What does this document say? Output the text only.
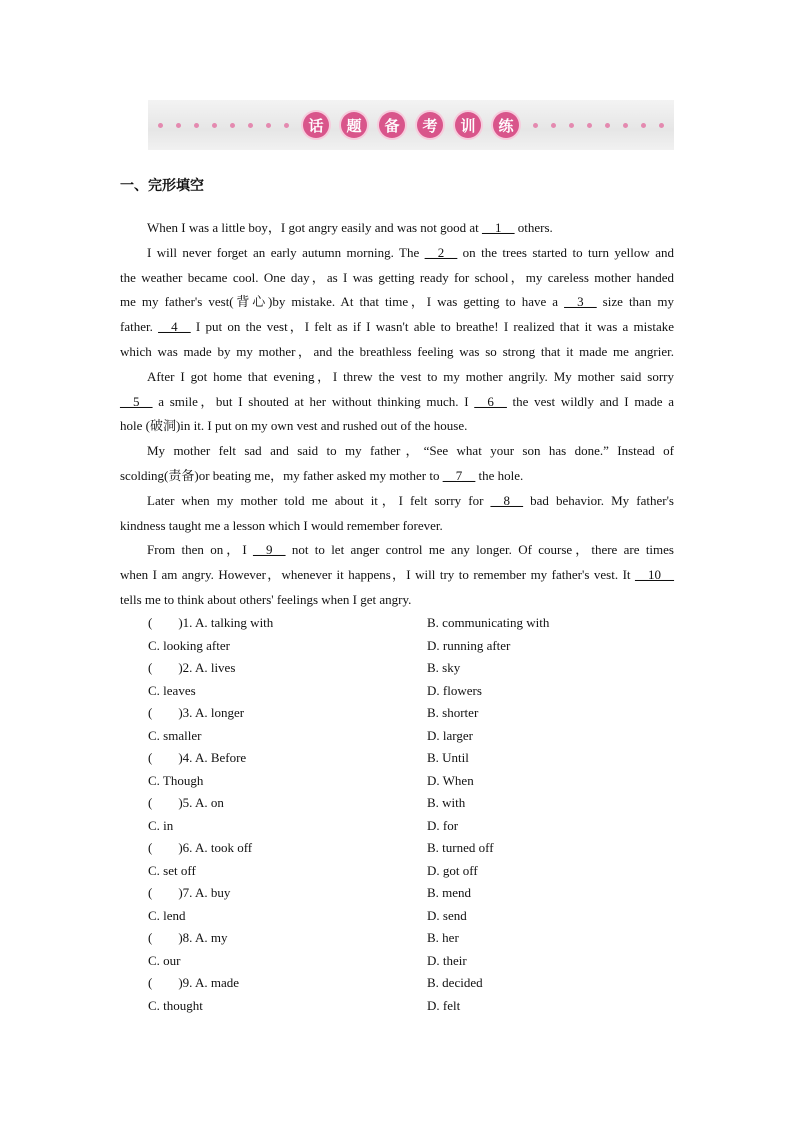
话	题	备	考	训	练
一、完形填空
When I was a little boy，I got angry easily and was not good at __1__ others.
I will never forget an early autumn morning. The __2__ on the trees started to turn yellow and
the weather became cool. One day，as I was getting ready for school，my careless mother handed
me my father's vest(背心)by mistake. At that time，I was getting to have a __3__ size than my
father. __4__ I put on the vest，I felt as if I wasn't able to breathe! I realized that it was a mistake
which was made by my mother，and the breathless feeling was so strong that it made me angrier.
After I got home that evening，I threw the vest to my mother angrily. My mother said sorry
__5__ a smile，but I shouted at her without thinking much. I __6__ the vest wildly and I made a
hole (破洞)in it. I put on my own vest and rushed out of the house.
My mother felt sad and said to my father，“See what your son has done.” Instead of
scolding(责备)or beating me，my father asked my mother to __7__ the hole.
Later when my mother told me about it，I felt sorry for __8__ bad behavior. My father's
kindness taught me a lesson which I would remember forever.
From then on，I __9__ not to let anger control me any longer. Of course，there are times
when I am angry. However，whenever it happens，I will try to remember my father's vest. It __10__
tells me to think about others' feelings when I get angry.
(        )1. A. talking with	B. communicating with
C. looking after	D. running after
(        )2. A. lives	B. sky
C. leaves	D. flowers
(        )3. A. longer	B. shorter
C. smaller	D. larger
(        )4. A. Before	B. Until
C. Though	D. When
(        )5. A. on	B. with
C. in	D. for
(        )6. A. took off	B. turned off
C. set off	D. got off
(        )7. A. buy	B. mend
C. lend	D. send
(        )8. A. my	B. her
C. our	D. their
(        )9. A. made	B. decided
C. thought	D. felt
